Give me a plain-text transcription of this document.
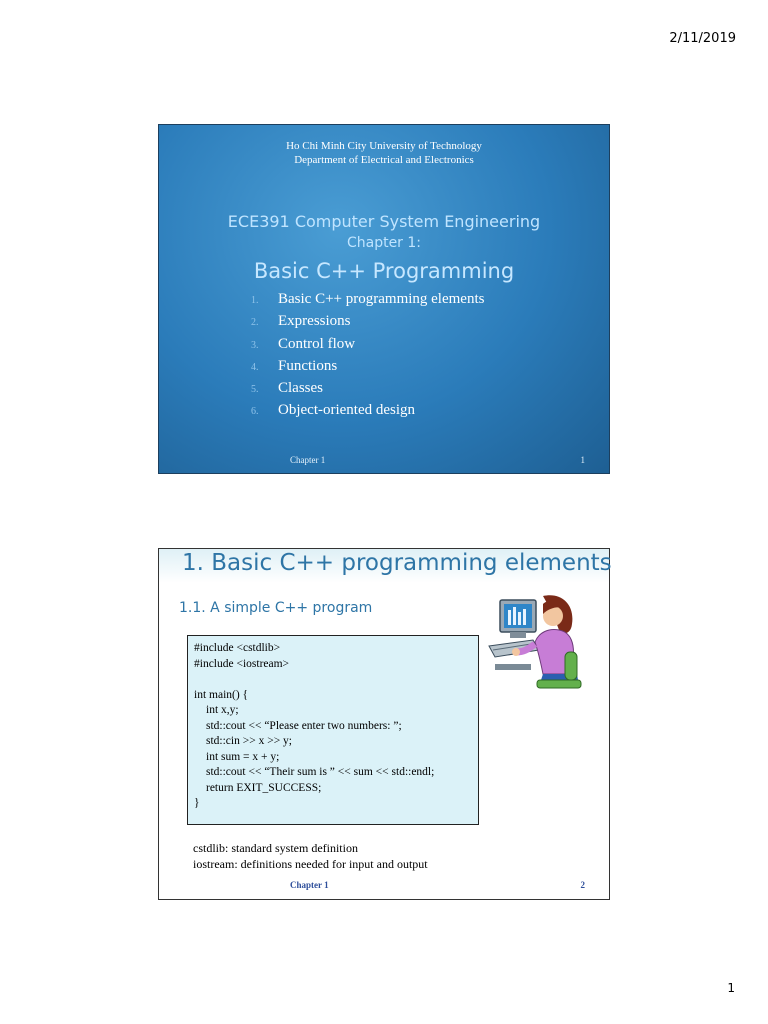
2/11/2019
Ho Chi Minh City University of Technology
Department of Electrical and Electronics
ECE391 Computer System Engineering
Chapter 1:
Basic C++ Programming
1. Basic C++ programming elements
2. Expressions
3. Control flow
4. Functions
5. Classes
6. Object-oriented design
Chapter 1	1
1. Basic C++ programming elements
1.1. A simple C++ program
#include <cstdlib>
#include <iostream>
int main() {
int x,y;
std::cout << “Please enter two numbers: ”;
std::cin >> x >> y;
int sum = x + y;
std::cout << “Their sum is ” << sum << std::endl;
return EXIT_SUCCESS;
}
cstdlib: standard system definition
iostream: definitions needed for input and output
Chapter 1	2
1
